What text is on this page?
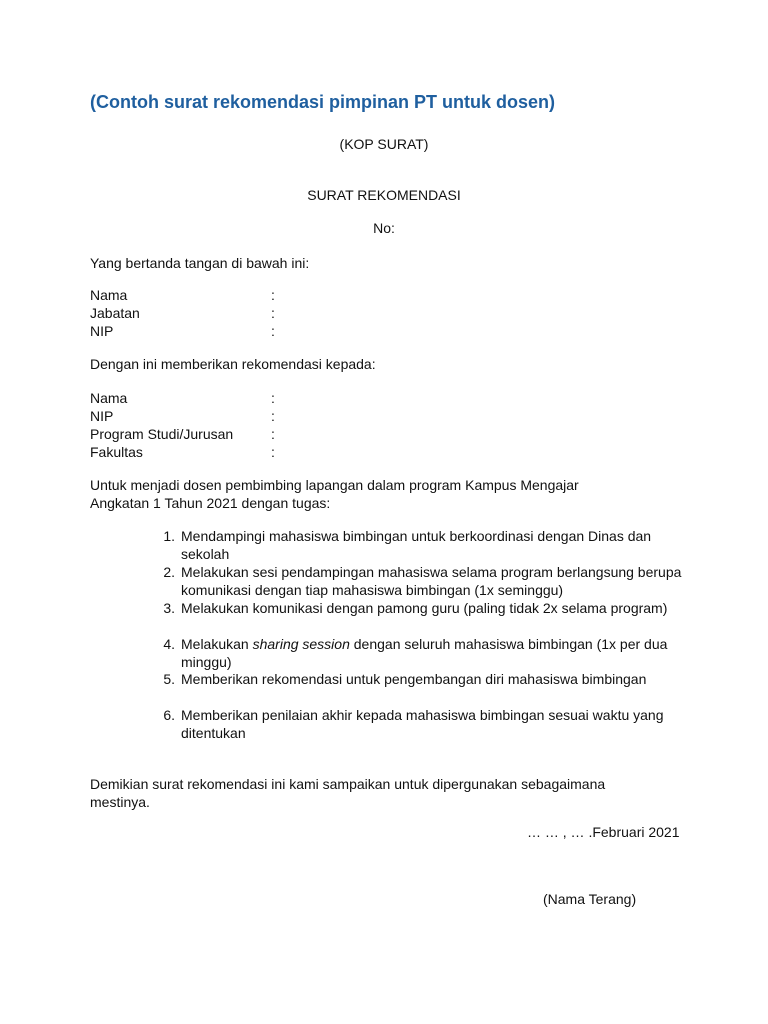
(Contoh surat rekomendasi pimpinan PT untuk dosen)
(KOP SURAT)
SURAT REKOMENDASI
No:
Yang bertanda tangan di bawah ini:
Nama	:
Jabatan	:
NIP	:
Dengan ini memberikan rekomendasi kepada:
Nama	:
NIP	:
Program Studi/Jurusan	:
Fakultas	:
Untuk menjadi dosen pembimbing lapangan dalam program Kampus Mengajar
Angkatan 1 Tahun 2021 dengan tugas:
1. Mendampingi mahasiswa bimbingan untuk berkoordinasi dengan Dinas dan sekolah
2. Melakukan sesi pendampingan mahasiswa selama program berlangsung berupa komunikasi dengan tiap mahasiswa bimbingan (1x seminggu)
3. Melakukan komunikasi dengan pamong guru (paling tidak 2x selama program)
4. Melakukan sharing session dengan seluruh mahasiswa bimbingan (1x per dua minggu)
5. Memberikan rekomendasi untuk pengembangan diri mahasiswa bimbingan
6. Memberikan penilaian akhir kepada mahasiswa bimbingan sesuai waktu yang ditentukan
Demikian surat rekomendasi ini kami sampaikan untuk dipergunakan sebagaimana
mestinya.
… … , … .Februari 2021
(Nama Terang)
